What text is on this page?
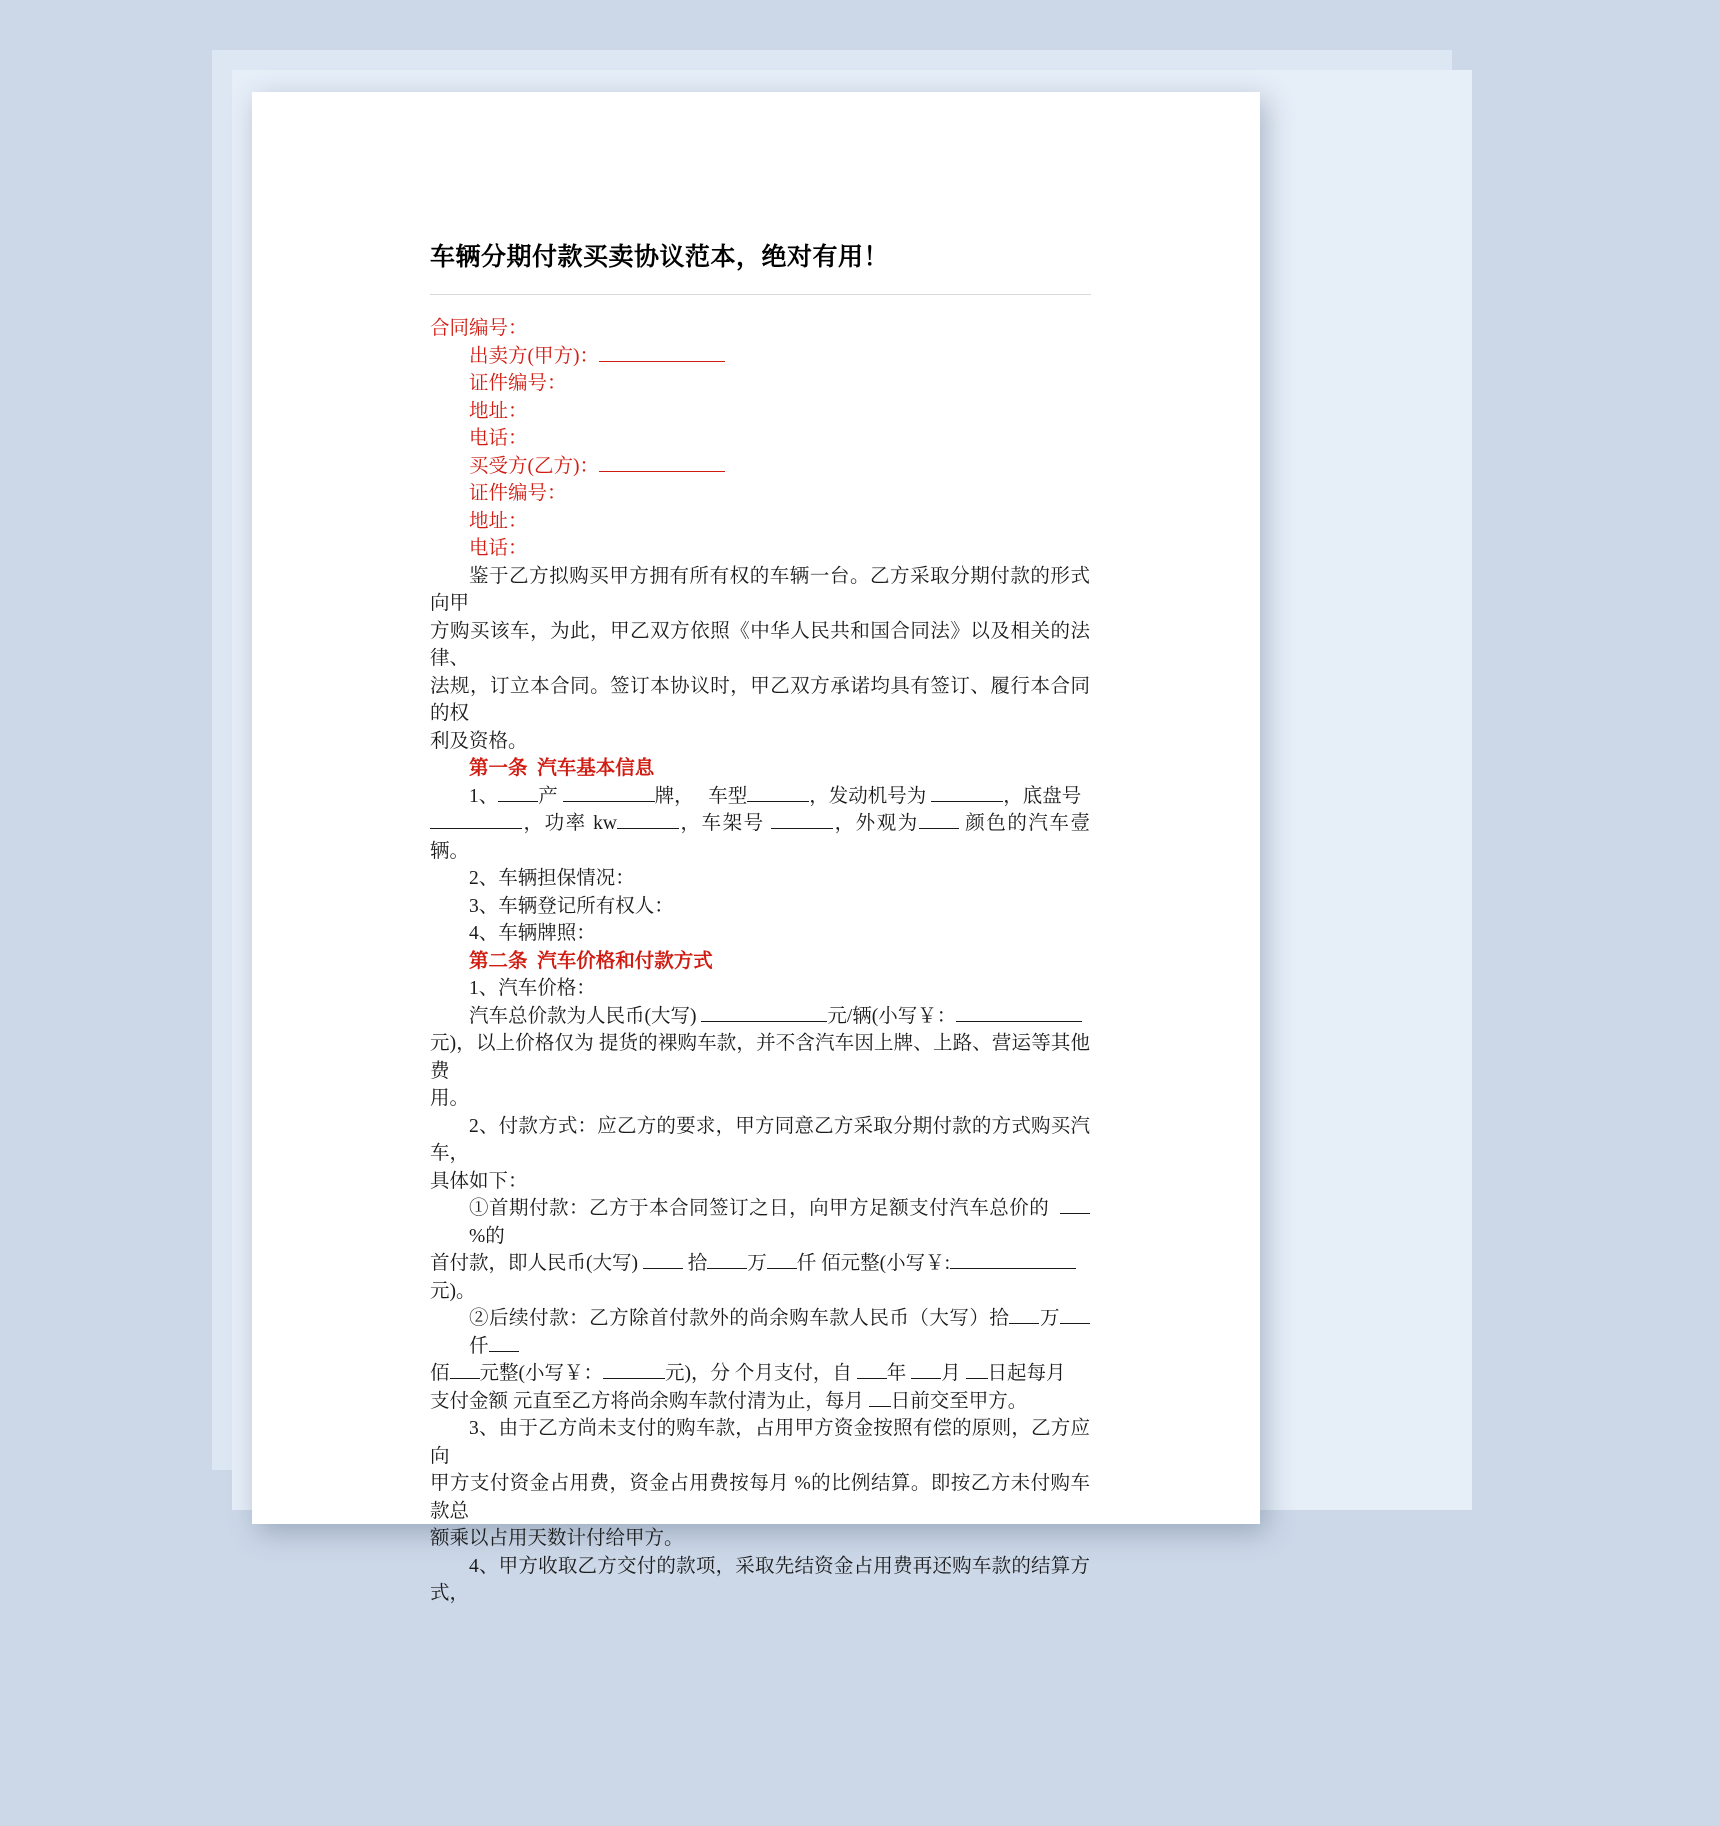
车辆分期付款买卖协议范本，绝对有用！
合同编号：
出卖方(甲方)：
证件编号：
地址：
电话：
买受方(乙方)：
证件编号：
地址：
电话：
鉴于乙方拟购买甲方拥有所有权的车辆一台。乙方采取分期付款的形式向甲
方购买该车，为此，甲乙双方依照《中华人民共和国合同法》以及相关的法律、
法规，订立本合同。签订本协议时，甲乙双方承诺均具有签订、履行本合同的权
利及资格。
第一条  汽车基本信息
1、 产	牌，   车型	，发动机号为	，底盘号
，功率 kw	，车架号	，外观为 颜色的汽车壹辆。
2、车辆担保情况：
3、车辆登记所有权人：
4、车辆牌照：
第二条  汽车价格和付款方式
1、汽车价格：
汽车总价款为人民币(大写)	元/辆(小写￥：
元)，以上价格仅为 提货的裸购车款，并不含汽车因上牌、上路、营运等其他费
用。
2、付款方式：应乙方的要求，甲方同意乙方采取分期付款的方式购买汽车，
具体如下：
①首期付款：乙方于本合同签订之日，向甲方足额支付汽车总价的  %的
首付款，即人民币(大写)	拾 万 仟 佰元整(小写￥:
元)。
②后续付款：乙方除首付款外的尚余购车款人民币（大写）拾 万仟
佰 元整(小写￥：	元)，分 个月支付，自 年 月 日起每月
支付金额 元直至乙方将尚余购车款付清为止，每月 日前交至甲方。
3、由于乙方尚未支付的购车款，占用甲方资金按照有偿的原则，乙方应向
甲方支付资金占用费，资金占用费按每月 %的比例结算。即按乙方未付购车款总
额乘以占用天数计付给甲方。
4、甲方收取乙方交付的款项，采取先结资金占用费再还购车款的结算方式，
